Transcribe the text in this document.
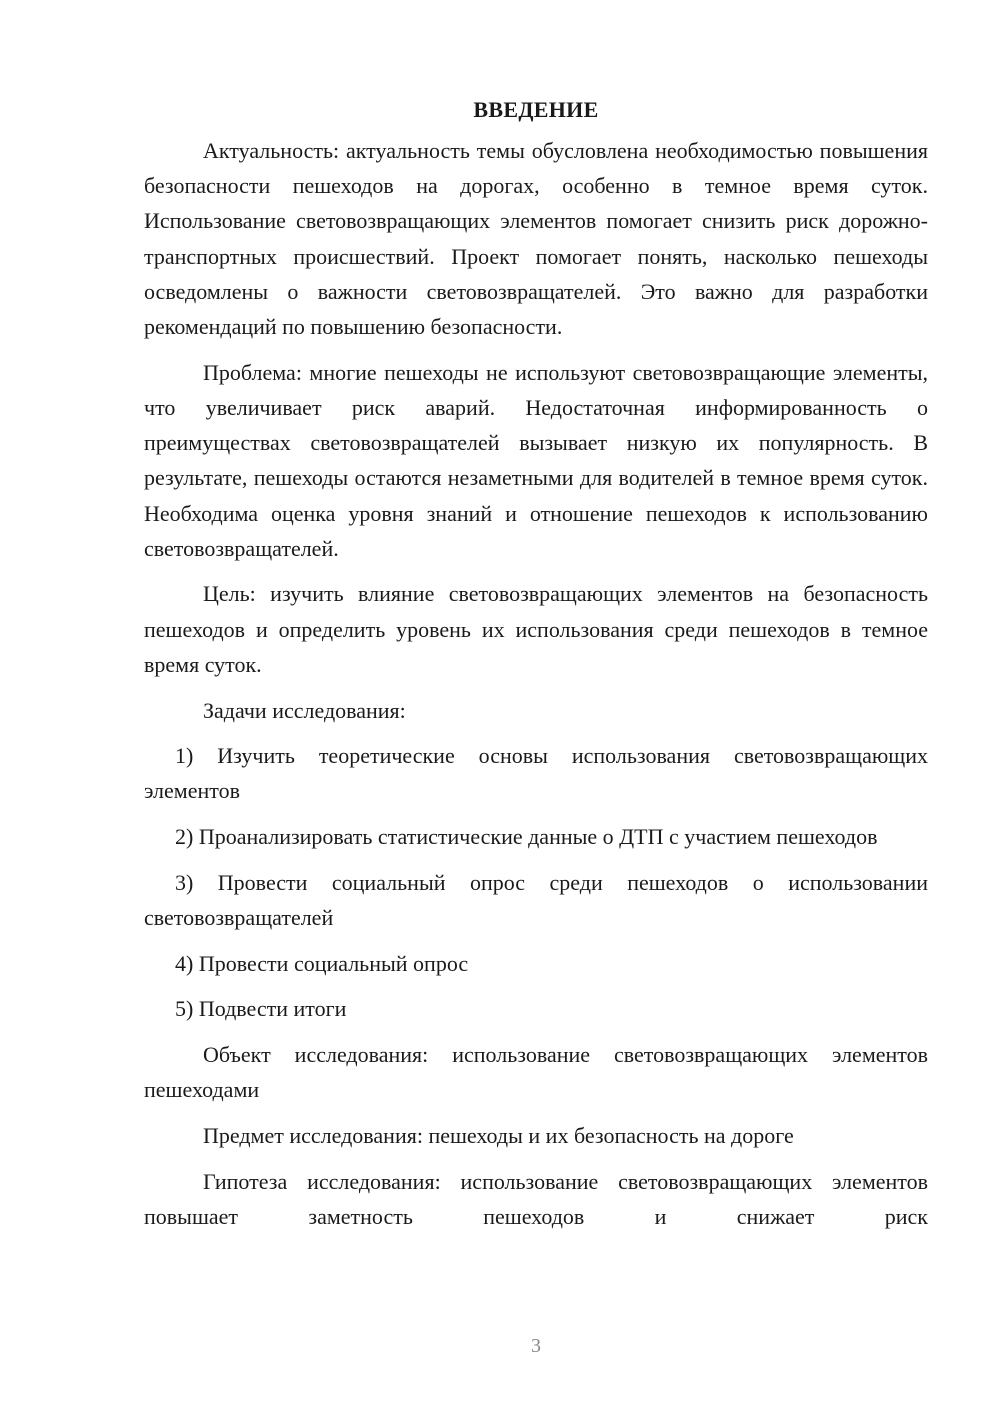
ВВЕДЕНИЕ

Актуальность: актуальность темы обусловлена необходимостью повышения безопасности пешеходов на дорогах, особенно в темное время суток. Использование световозвращающих элементов помогает снизить риск дорожно-транспортных происшествий. Проект помогает понять, насколько пешеходы осведомлены о важности световозвращателей. Это важно для разработки рекомендаций по повышению безопасности.

Проблема: многие пешеходы не используют световозвращающие элементы, что увеличивает риск аварий. Недостаточная информированность о преимуществах световозвращателей вызывает низкую их популярность. В результате, пешеходы остаются незаметными для водителей в темное время суток. Необходима оценка уровня знаний и отношение пешеходов к использованию световозвращателей.

Цель: изучить влияние световозвращающих элементов на безопасность пешеходов и определить уровень их использования среди пешеходов в темное время суток.

Задачи исследования:

1) Изучить теоретические основы использования световозвращающих элементов

2) Проанализировать статистические данные о ДТП с участием пешеходов

3) Провести социальный опрос среди пешеходов о использовании световозвращателей

4) Провести социальный опрос

5) Подвести итоги

Объект исследования: использование световозвращающих элементов пешеходами

Предмет исследования: пешеходы и их безопасность на дороге

Гипотеза исследования: использование световозвращающих элементов повышает заметность пешеходов и снижает риск

3
